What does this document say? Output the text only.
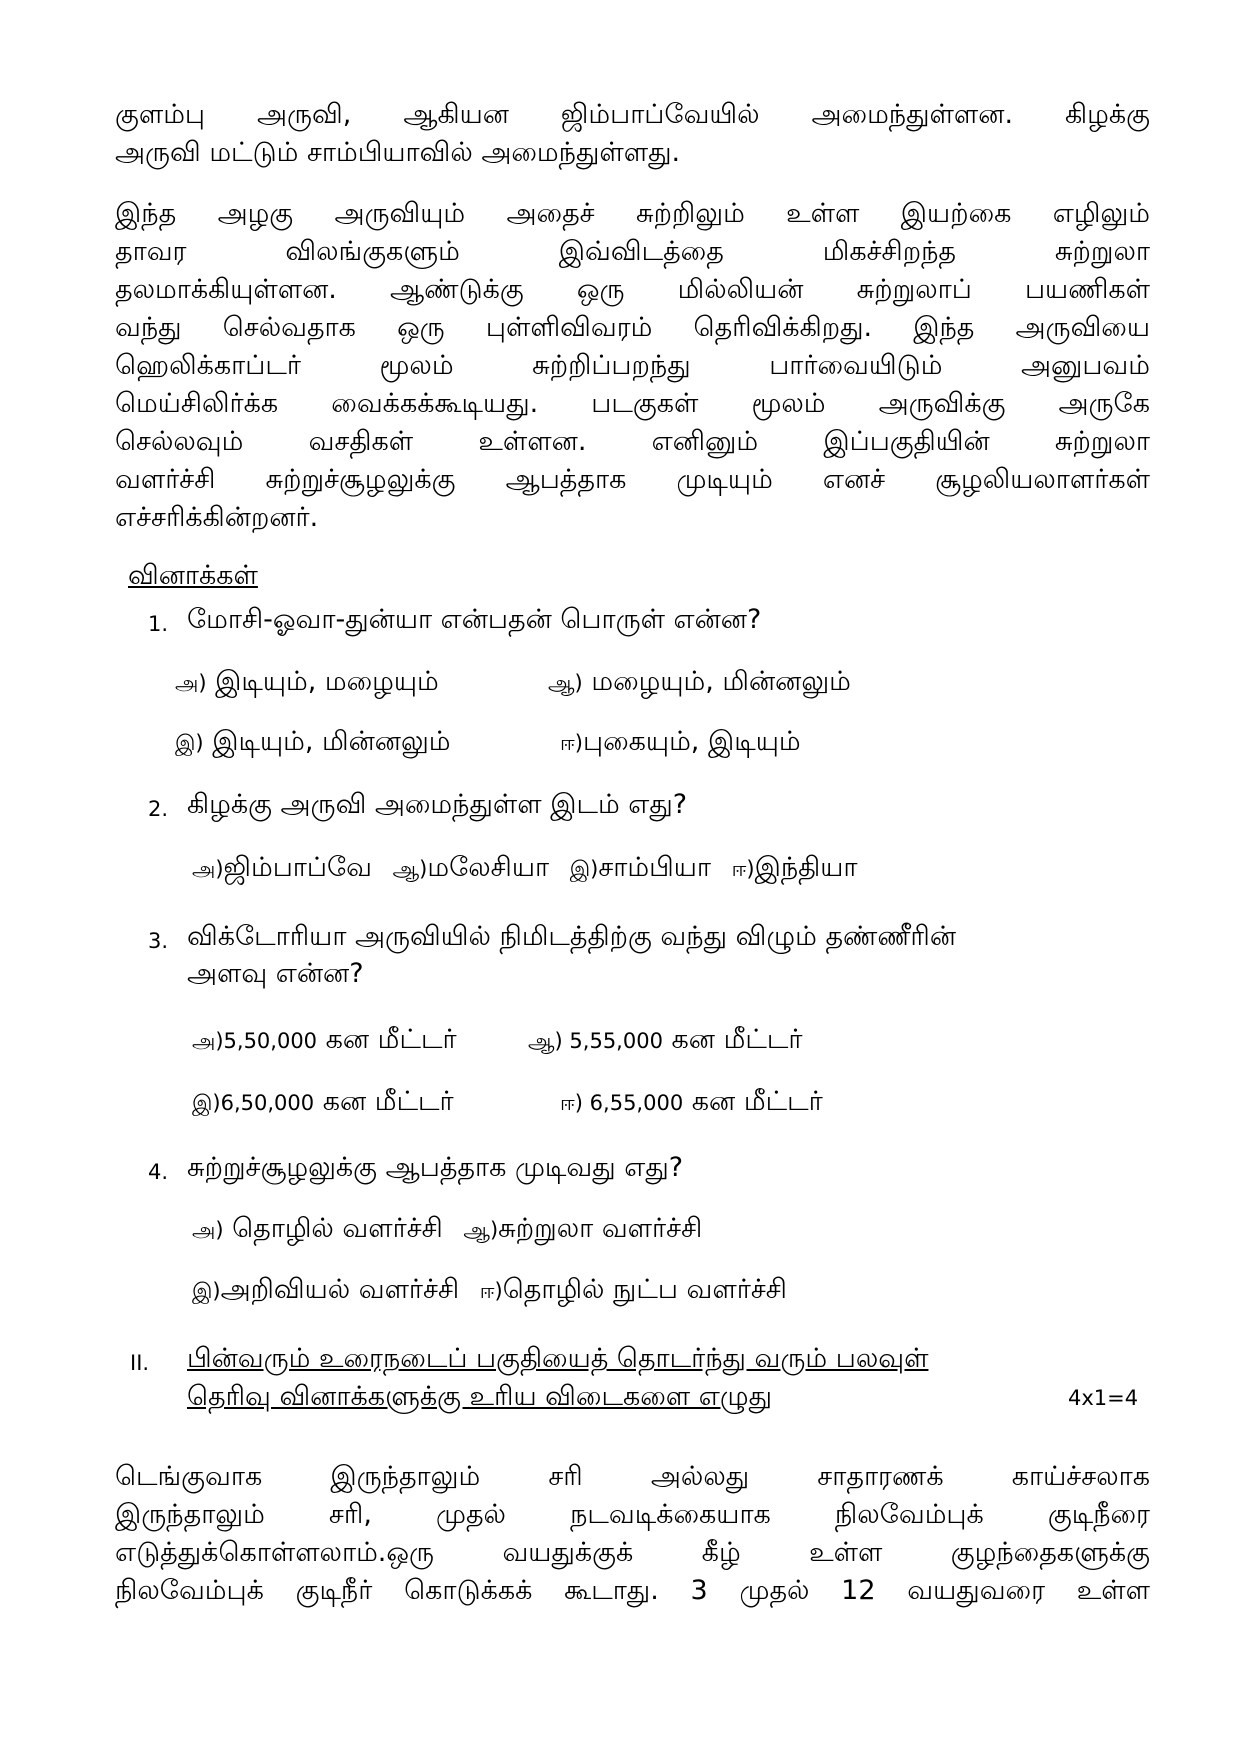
குளம்பு அருவி, ஆகியன ஜிம்பாப்வேயில் அமைந்துள்ளன. கிழக்கு
அருவி மட்டும் சாம்பியாவில் அமைந்துள்ளது.
இந்த அழகு அருவியும் அதைச் சுற்றிலும் உள்ள இயற்கை எழிலும்
தாவர விலங்குகளும் இவ்விடத்தை மிகச்சிறந்த சுற்றுலா
தலமாக்கியுள்ளன. ஆண்டுக்கு ஒரு மில்லியன் சுற்றுலாப் பயணிகள்
வந்து செல்வதாக ஒரு புள்ளிவிவரம் தெரிவிக்கிறது. இந்த அருவியை
ஹெலிக்காப்டர் மூலம் சுற்றிப்பறந்து பார்வையிடும் அனுபவம்
மெய்சிலிர்க்க வைக்கக்கூடியது. படகுகள் மூலம் அருவிக்கு அருகே
செல்லவும் வசதிகள் உள்ளன. எனினும் இப்பகுதியின் சுற்றுலா
வளர்ச்சி சுற்றுச்சூழலுக்கு ஆபத்தாக முடியும் எனச் சூழலியலாளர்கள்
எச்சரிக்கின்றனர்.
வினாக்கள்
1. மோசி-ஓவா-துன்யா என்பதன் பொருள் என்ன?
அ) இடியும், மழையும்	ஆ) மழையும், மின்னலும்
இ) இடியும், மின்னலும்	ஈ)புகையும், இடியும்
2. கிழக்கு அருவி அமைந்துள்ள இடம் எது?
அ)ஜிம்பாப்வே ஆ)மலேசியா இ)சாம்பியா ஈ)இந்தியா
3. விக்டோரியா அருவியில் நிமிடத்திற்கு வந்து விழும் தண்ணீரின்
அளவு என்ன?
அ)5,50,000 கன மீட்டர்	ஆ) 5,55,000 கன மீட்டர்
இ)6,50,000 கன மீட்டர்	ஈ) 6,55,000 கன மீட்டர்
4. சுற்றுச்சூழலுக்கு ஆபத்தாக முடிவது எது?
அ) தொழில் வளர்ச்சி ஆ)சுற்றுலா வளர்ச்சி
இ)அறிவியல் வளர்ச்சி ஈ)தொழில் நுட்ப வளர்ச்சி
II. பின்வரும் உரைநடைப் பகுதியைத் தொடர்ந்து வரும் பலவுள்
தெரிவு வினாக்களுக்கு உரிய விடைகளை எழுது	4x1=4
டெங்குவாக இருந்தாலும் சரி அல்லது சாதாரணக் காய்ச்சலாக
இருந்தாலும் சரி, முதல் நடவடிக்கையாக நிலவேம்புக் குடிநீரை
எடுத்துக்கொள்ளலாம்.ஒரு வயதுக்குக் கீழ் உள்ள குழந்தைகளுக்கு
நிலவேம்புக் குடிநீர் கொடுக்கக் கூடாது. 3 முதல் 12 வயதுவரை உள்ள
